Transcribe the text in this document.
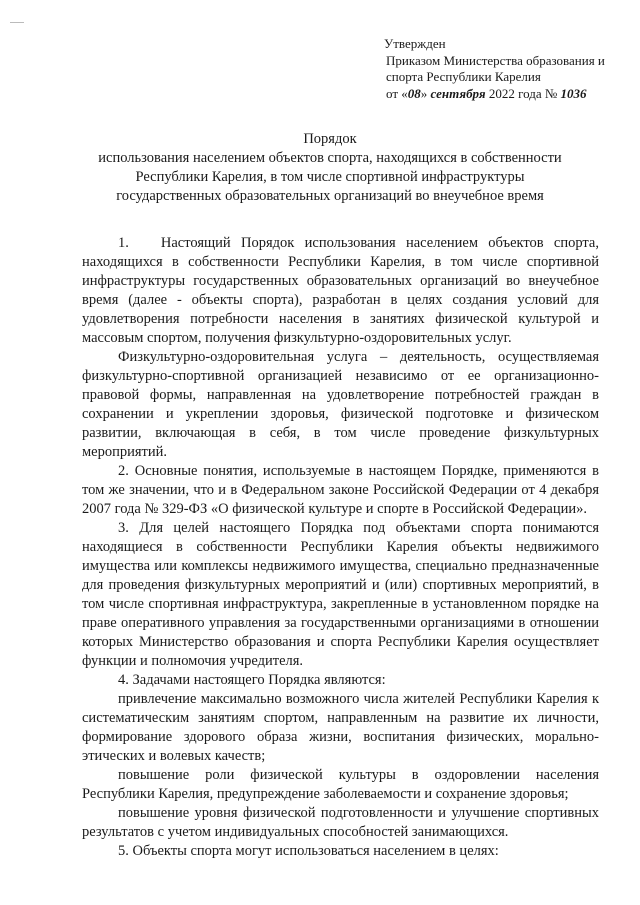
Утвержден
Приказом Министерства образования и
спорта Республики Карелия
от «08» сентября 2022 года № 1036
Порядок
использования населением объектов спорта, находящихся в собственности
Республики Карелия, в том числе спортивной инфраструктуры
государственных образовательных организаций во внеучебное время

1. Настоящий Порядок использования населением объектов спорта, находящихся в собственности Республики Карелия, в том числе спортивной инфраструктуры государственных образовательных организаций во внеучебное время (далее - объекты спорта), разработан в целях создания условий для удовлетворения потребности населения в занятиях физической культурой и массовым спортом, получения физкультурно-оздоровительных услуг.

Физкультурно-оздоровительная услуга – деятельность, осуществляемая физкультурно-спортивной организацией независимо от ее организационно-правовой формы, направленная на удовлетворение потребностей граждан в сохранении и укреплении здоровья, физической подготовке и физическом развитии, включающая в себя, в том числе проведение физкультурных мероприятий.

2. Основные понятия, используемые в настоящем Порядке, применяются в том же значении, что и в Федеральном законе Российской Федерации от 4 декабря 2007 года № 329-ФЗ «О физической культуре и спорте в Российской Федерации».

3. Для целей настоящего Порядка под объектами спорта понимаются находящиеся в собственности Республики Карелия объекты недвижимого имущества или комплексы недвижимого имущества, специально предназначенные для проведения физкультурных мероприятий и (или) спортивных мероприятий, в том числе спортивная инфраструктура, закрепленные в установленном порядке на праве оперативного управления за государственными организациями в отношении которых Министерство образования и спорта Республики Карелия осуществляет функции и полномочия учредителя.

4. Задачами настоящего Порядка являются:

привлечение максимально возможного числа жителей Республики Карелия к систематическим занятиям спортом, направленным на развитие их личности, формирование здорового образа жизни, воспитания физических, морально-этических и волевых качеств;

повышение роли физической культуры в оздоровлении населения Республики Карелия, предупреждение заболеваемости и сохранение здоровья;

повышение уровня физической подготовленности и улучшение спортивных результатов с учетом индивидуальных способностей занимающихся.

5. Объекты спорта могут использоваться населением в целях:
